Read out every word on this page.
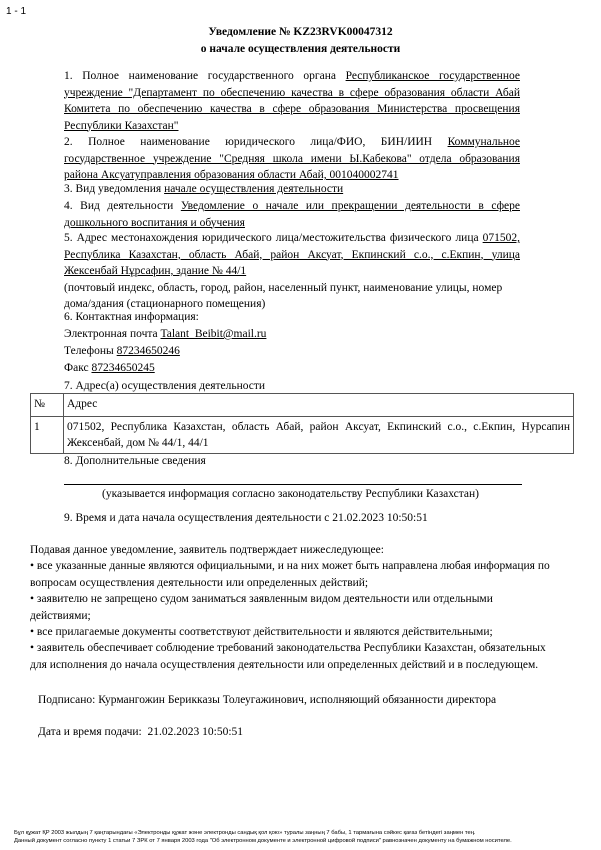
1 - 1
Уведомление № KZ23RVK00047312
о начале осуществления деятельности
1. Полное наименование государственного органа Республиканское государственное учреждение "Департамент по обеспечению качества в сфере образования области Абай Комитета по обеспечению качества в сфере образования Министерства просвещения Республики Казахстан"
2. Полное наименование юридического лица/ФИО, БИН/ИИН Коммунальное государственное учреждение "Средняя школа имени Ы.Кабекова" отдела образования района Аксуатуправления образования области Абай, 001040002741
3. Вид уведомления начале осуществления деятельности
4. Вид деятельности Уведомление о начале или прекращении деятельности в сфере дошкольного воспитания и обучения
5. Адрес местонахождения юридического лица/местожительства физического лица 071502, Республика Казахстан, область Абай, район Аксуат, Екпинский с.о., с.Екпин, улица Жексенбай Нұрсафин, здание № 44/1
(почтовый индекс, область, город, район, населенный пункт, наименование улицы, номер дома/здания (стационарного помещения)
6. Контактная информация:
Электронная почта Talant_Beibit@mail.ru
Телефоны 87234650246
Факс 87234650245
7. Адрес(а) осуществления деятельности
№	Адрес
1	071502, Республика Казахстан, область Абай, район Аксуат, Екпинский с.о., с.Екпин, Нурсапин Жексенбай, дом № 44/1, 44/1
8. Дополнительные сведения
(указывается информация согласно законодательству Республики Казахстан)
9. Время и дата начала осуществления деятельности с 21.02.2023 10:50:51
Подавая данное уведомление, заявитель подтверждает нижеследующее:
• все указанные данные являются официальными, и на них может быть направлена любая информация по вопросам осуществления деятельности или определенных действий;
• заявителю не запрещено судом заниматься заявленным видом деятельности или отдельными действиями;
• все прилагаемые документы соответствуют действительности и являются действительными;
• заявитель обеспечивает соблюдение требований законодательства Республики Казахстан, обязательных для исполнения до начала осуществления деятельности или определенных действий и в последующем.
Подписано: Курмангожин Берикказы Толеугажинович, исполняющий обязанности директора
Дата и время подачи: 21.02.2023 10:50:51
Бұл құжат ҚР 2003 жылдың 7 қаңтарындағы «Электронды құжат және электронды сандық қол қою» туралы заңның 7 бабы, 1 тармағына сәйкес қағаз бетіндегі заңмен тең.
Данный документ согласно пункту 1 статьи 7 ЗРК от 7 января 2003 года "Об электронном документе и электронной цифровой подписи" равнозначен документу на бумажном носителе.
